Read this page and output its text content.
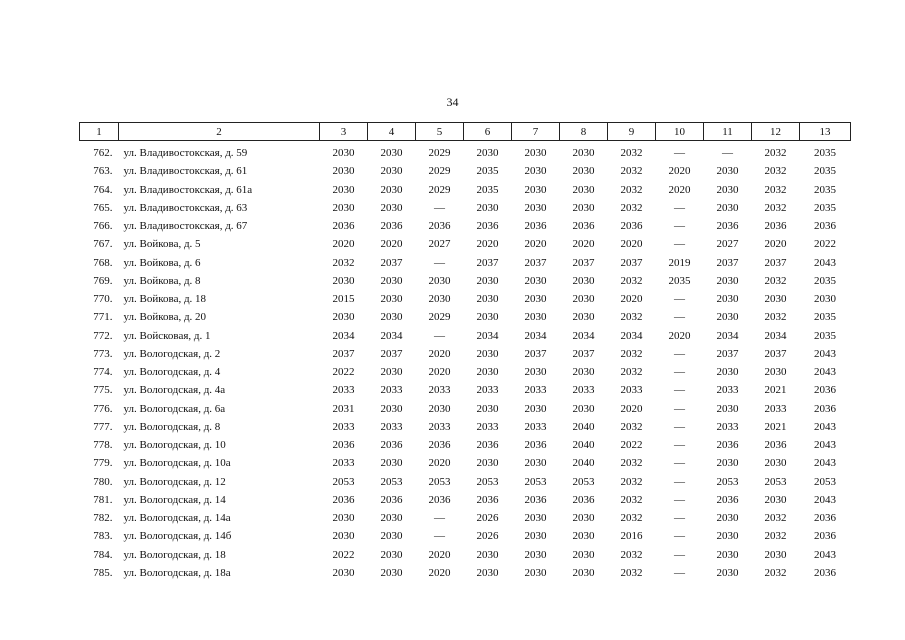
34
1	2	3	4	5	6	7	8	9	10	11	12	13
762.	ул. Владивостокская, д. 59	2030	2030	2029	2030	2030	2030	2032	—	—	2032	2035
763.	ул. Владивостокская, д. 61	2030	2030	2029	2035	2030	2030	2032	2020	2030	2032	2035
764.	ул. Владивостокская, д. 61а	2030	2030	2029	2035	2030	2030	2032	2020	2030	2032	2035
765.	ул. Владивостокская, д. 63	2030	2030	—	2030	2030	2030	2032	—	2030	2032	2035
766.	ул. Владивостокская, д. 67	2036	2036	2036	2036	2036	2036	2036	—	2036	2036	2036
767.	ул. Войкова, д. 5	2020	2020	2027	2020	2020	2020	2020	—	2027	2020	2022
768.	ул. Войкова, д. 6	2032	2037	—	2037	2037	2037	2037	2019	2037	2037	2043
769.	ул. Войкова, д. 8	2030	2030	2030	2030	2030	2030	2032	2035	2030	2032	2035
770.	ул. Войкова, д. 18	2015	2030	2030	2030	2030	2030	2020	—	2030	2030	2030
771.	ул. Войкова, д. 20	2030	2030	2029	2030	2030	2030	2032	—	2030	2032	2035
772.	ул. Войсковая, д. 1	2034	2034	—	2034	2034	2034	2034	2020	2034	2034	2035
773.	ул. Вологодская, д. 2	2037	2037	2020	2030	2037	2037	2032	—	2037	2037	2043
774.	ул. Вологодская, д. 4	2022	2030	2020	2030	2030	2030	2032	—	2030	2030	2043
775.	ул. Вологодская, д. 4а	2033	2033	2033	2033	2033	2033	2033	—	2033	2021	2036
776.	ул. Вологодская, д. 6а	2031	2030	2030	2030	2030	2030	2020	—	2030	2033	2036
777.	ул. Вологодская, д. 8	2033	2033	2033	2033	2033	2040	2032	—	2033	2021	2043
778.	ул. Вологодская, д. 10	2036	2036	2036	2036	2036	2040	2022	—	2036	2036	2043
779.	ул. Вологодская, д. 10а	2033	2030	2020	2030	2030	2040	2032	—	2030	2030	2043
780.	ул. Вологодская, д. 12	2053	2053	2053	2053	2053	2053	2032	—	2053	2053	2053
781.	ул. Вологодская, д. 14	2036	2036	2036	2036	2036	2036	2032	—	2036	2030	2043
782.	ул. Вологодская, д. 14а	2030	2030	—	2026	2030	2030	2032	—	2030	2032	2036
783.	ул. Вологодская, д. 14б	2030	2030	—	2026	2030	2030	2016	—	2030	2032	2036
784.	ул. Вологодская, д. 18	2022	2030	2020	2030	2030	2030	2032	—	2030	2030	2043
785.	ул. Вологодская, д. 18а	2030	2030	2020	2030	2030	2030	2032	—	2030	2032	2036
